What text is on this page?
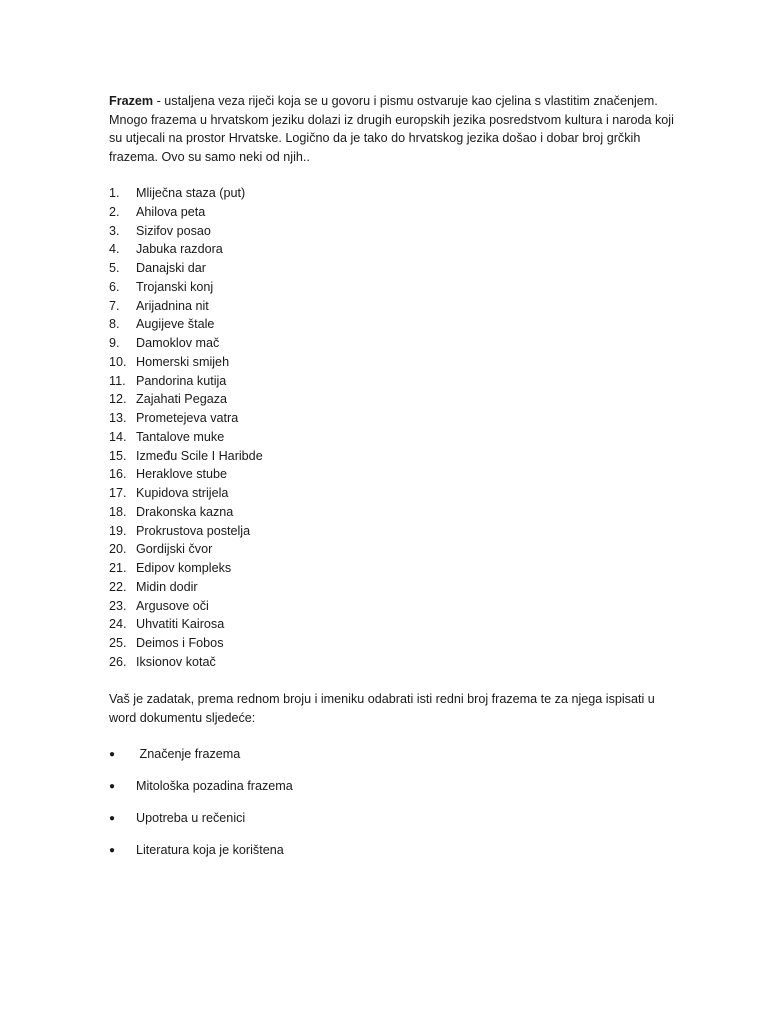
Frazem - ustaljena veza riječi koja se u govoru i pismu ostvaruje kao cjelina s vlastitim značenjem. Mnogo frazema u hrvatskom jeziku dolazi iz drugih europskih jezika posredstvom kultura i naroda koji su utjecali na prostor Hrvatske. Logično da je tako do hrvatskog jezika došao i dobar broj grčkih frazema. Ovo su samo neki od njih..

1. Mliječna staza (put)
2. Ahilova peta
3. Sizifov posao
4. Jabuka razdora
5. Danajski dar
6. Trojanski konj
7. Arijadnina nit
8. Augijeve štale
9. Damoklov mač
10. Homerski smijeh
11. Pandorina kutija
12. Zajahati Pegaza
13. Prometejeva vatra
14. Tantalove muke
15. Između Scile I Haribde
16. Heraklove stube
17. Kupidova strijela
18. Drakonska kazna
19. Prokrustova postelja
20. Gordijski čvor
21. Edipov kompleks
22. Midin dodir
23. Argusove oči
24. Uhvatiti Kairosa
25. Deimos i Fobos
26. Iksionov kotač

Vaš je zadatak, prema rednom broju i imeniku odabrati isti redni broj frazema te za njega ispisati u word dokumentu sljedeće:

● Značenje frazema
● Mitološka pozadina frazema
● Upotreba u rečenici
● Literatura koja je korištena
